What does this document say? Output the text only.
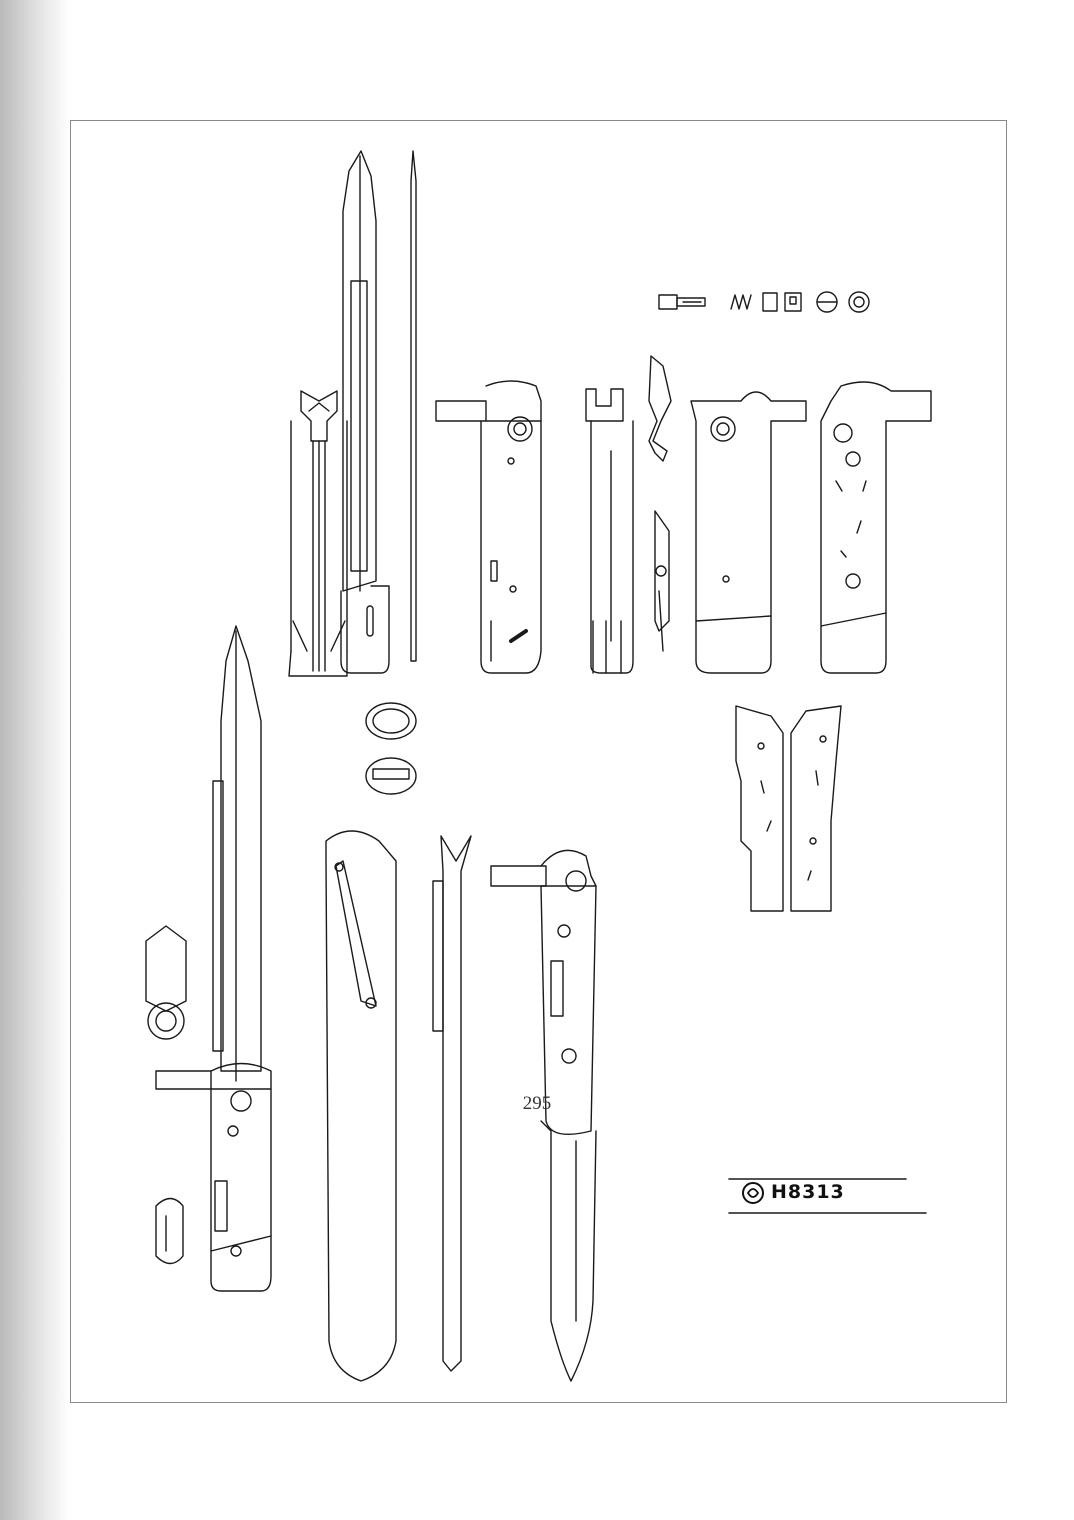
H8313
295
